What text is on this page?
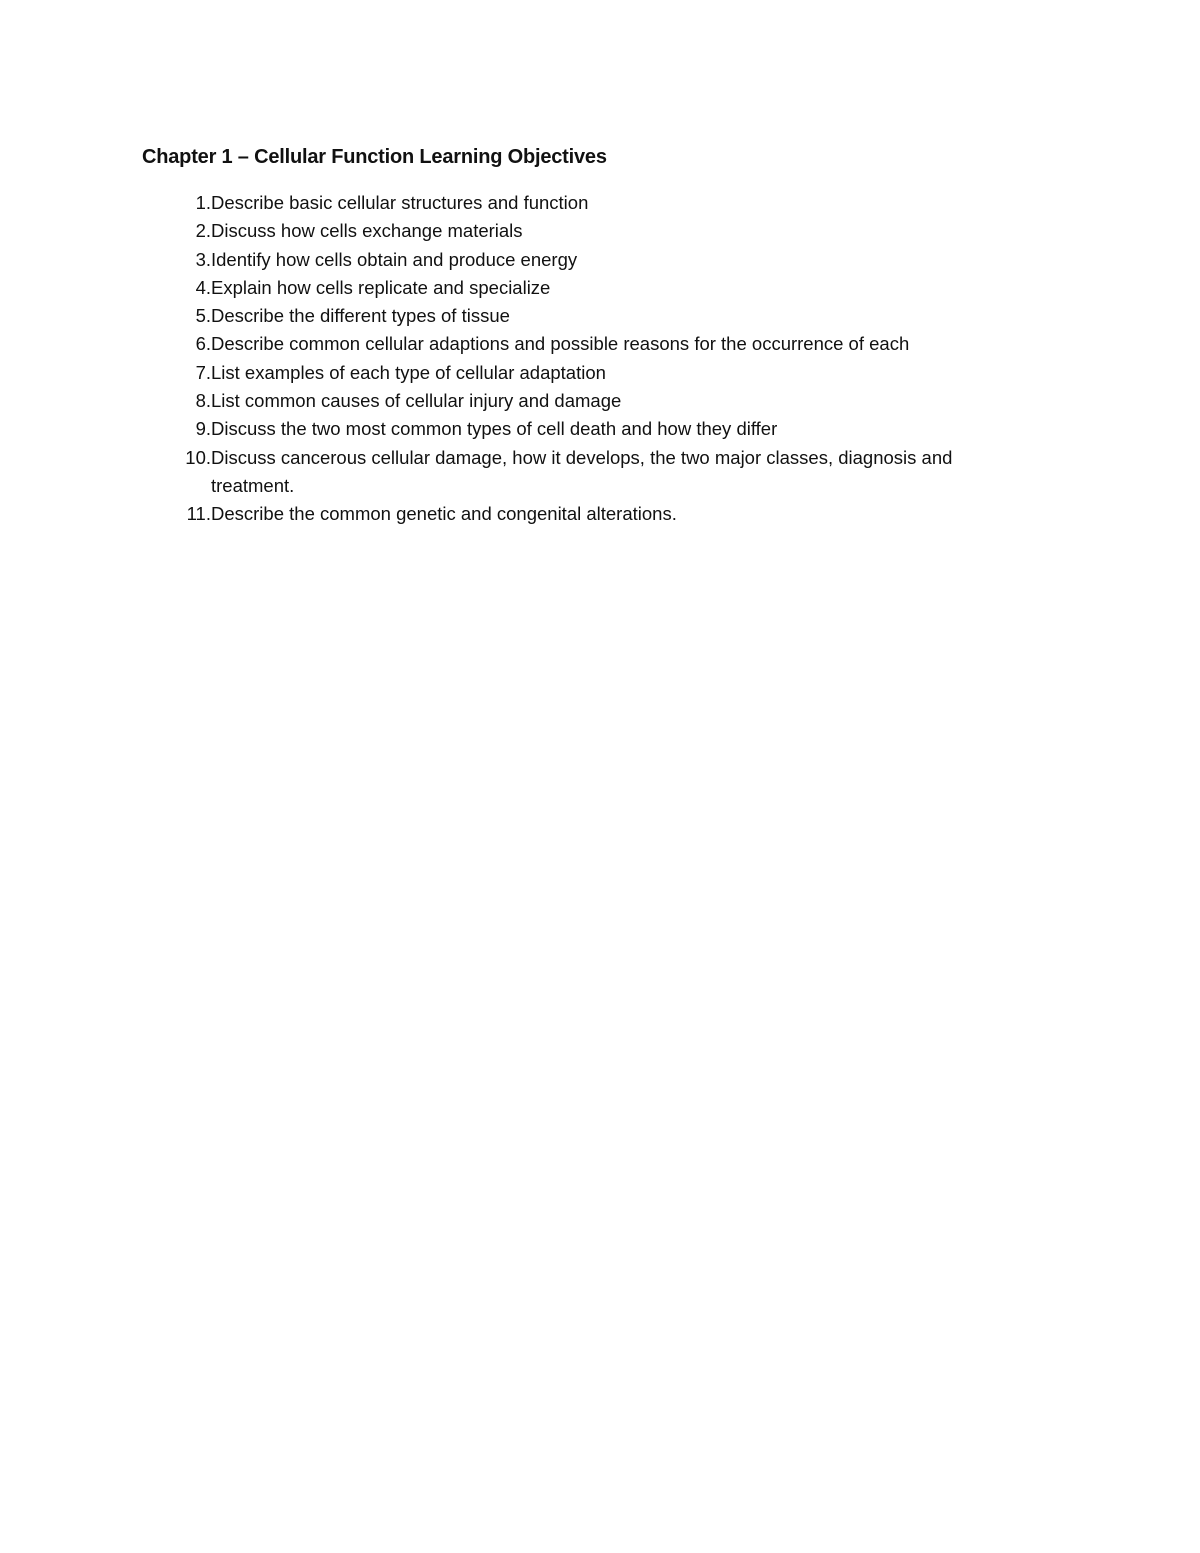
Chapter 1 – Cellular Function Learning Objectives
1. Describe basic cellular structures and function
2. Discuss how cells exchange materials
3. Identify how cells obtain and produce energy
4. Explain how cells replicate and specialize
5. Describe the different types of tissue
6. Describe common cellular adaptions and possible reasons for the occurrence of each
7. List examples of each type of cellular adaptation
8. List common causes of cellular injury and damage
9. Discuss the two most common types of cell death and how they differ
10. Discuss cancerous cellular damage, how it develops, the two major classes, diagnosis and treatment.
11. Describe the common genetic and congenital alterations.
